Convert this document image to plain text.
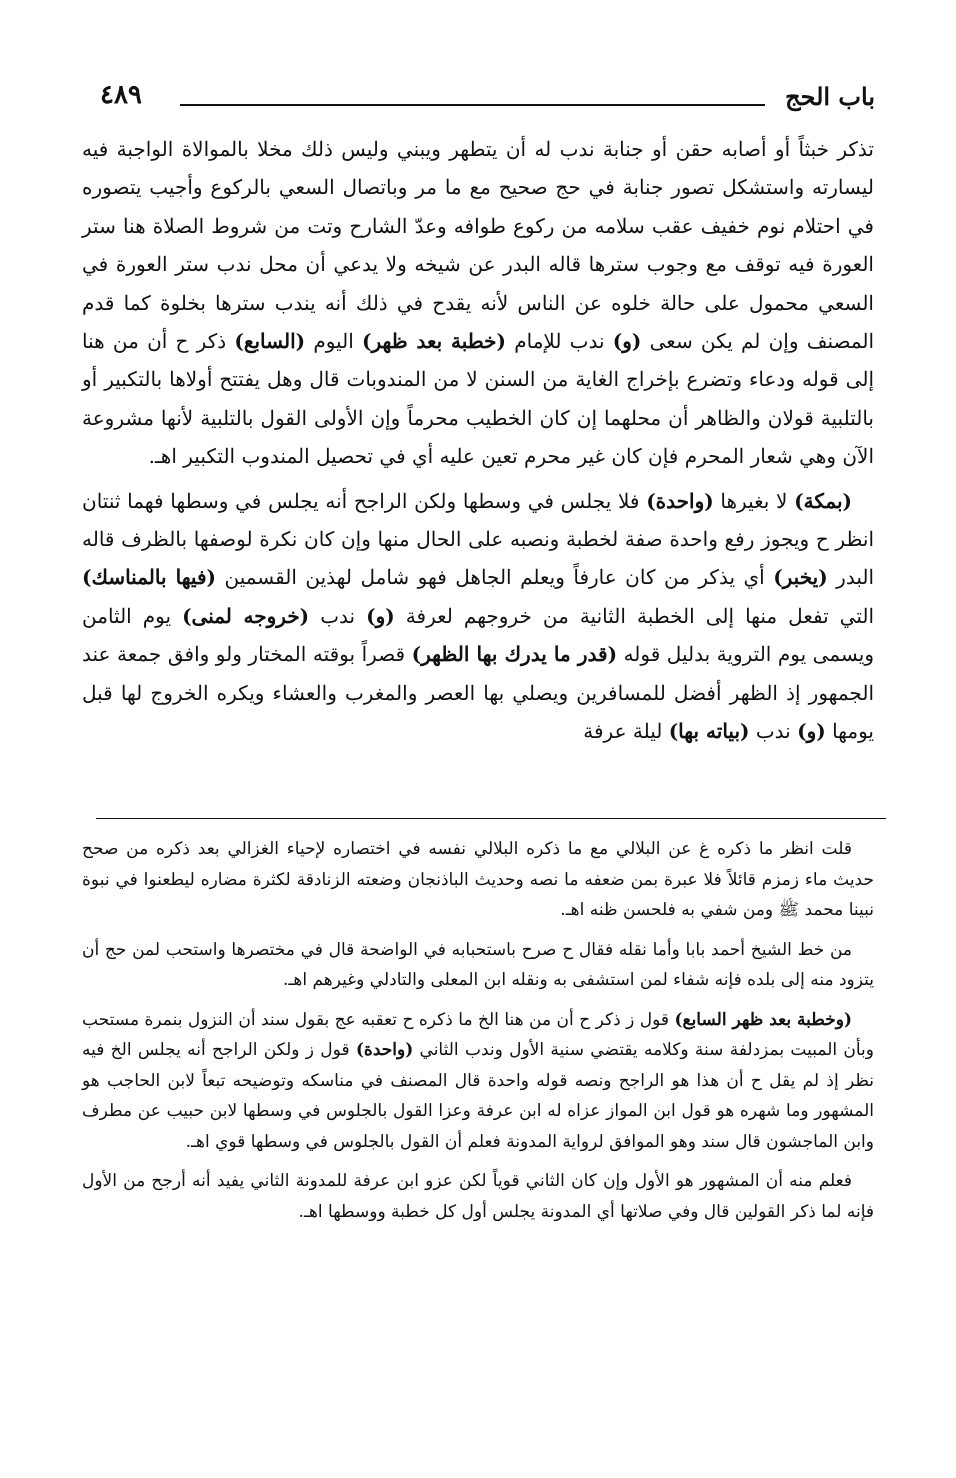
باب الحج
٤٨٩

تذكر خبثاً أو أصابه حقن أو جنابة ندب له أن يتطهر ويبني وليس ذلك مخلا بالموالاة الواجبة فيه ليسارته واستشكل تصور جنابة في حج صحيح مع ما مر وباتصال السعي بالركوع وأجيب يتصوره في احتلام نوم خفيف عقب سلامه من ركوع طوافه وعدّ الشارح وتت من شروط الصلاة هنا ستر العورة فيه توقف مع وجوب سترها قاله البدر عن شيخه ولا يدعي أن محل ندب ستر العورة في السعي محمول على حالة خلوه عن الناس لأنه يقدح في ذلك أنه يندب سترها بخلوة كما قدم المصنف وإن لم يكن سعى (و) ندب للإمام (خطبة بعد ظهر) اليوم (السابع) ذكر ح أن من هنا إلى قوله ودعاء وتضرع بإخراج الغاية من السنن لا من المندوبات قال وهل يفتتح أولاها بالتكبير أو بالتلبية قولان والظاهر أن محلهما إن كان الخطيب محرماً وإن الأولى القول بالتلبية لأنها مشروعة الآن وهي شعار المحرم فإن كان غير محرم تعين عليه أي في تحصيل المندوب التكبير اهـ.

(بمكة) لا بغيرها (واحدة) فلا يجلس في وسطها ولكن الراجح أنه يجلس في وسطها فهما ثنتان انظر ح ويجوز رفع واحدة صفة لخطبة ونصبه على الحال منها وإن كان نكرة لوصفها بالظرف قاله البدر (يخبر) أي يذكر من كان عارفاً ويعلم الجاهل فهو شامل لهذين القسمين (فيها بالمناسك) التي تفعل منها إلى الخطبة الثانية من خروجهم لعرفة (و) ندب (خروجه لمنى) يوم الثامن ويسمى يوم التروية بدليل قوله (قدر ما يدرك بها الظهر) قصراً بوقته المختار ولو وافق جمعة عند الجمهور إذ الظهر أفضل للمسافرين ويصلي بها العصر والمغرب والعشاء ويكره الخروج لها قبل يومها (و) ندب (بياته بها) ليلة عرفة

قلت انظر ما ذكره غ عن البلالي مع ما ذكره البلالي نفسه في اختصاره لإحياء الغزالي بعد ذكره من صحح حديث ماء زمزم قائلاً فلا عبرة بمن ضعفه ما نصه وحديث الباذنجان وضعته الزنادقة لكثرة مضاره ليطعنوا في نبوة نبينا محمد ﷺ ومن شفي به فلحسن ظنه اهـ.

من خط الشيخ أحمد بابا وأما نقله فقال ح صرح باستحبابه في الواضحة قال في مختصرها واستحب لمن حج أن يتزود منه إلى بلده فإنه شفاء لمن استشفى به ونقله ابن المعلى والتادلي وغيرهم اهـ.

(وخطبة بعد ظهر السابع) قول ز ذكر ح أن من هنا الخ ما ذكره ح تعقبه عج بقول سند أن النزول بنمرة مستحب وبأن المبيت بمزدلفة سنة وكلامه يقتضي سنية الأول وندب الثاني (واحدة) قول ز ولكن الراجح أنه يجلس الخ فيه نظر إذ لم يقل ح أن هذا هو الراجح ونصه قوله واحدة قال المصنف في مناسكه وتوضيحه تبعاً لابن الحاجب هو المشهور وما شهره هو قول ابن المواز عزاه له ابن عرفة وعزا القول بالجلوس في وسطها لابن حبيب عن مطرف وابن الماجشون قال سند وهو الموافق لرواية المدونة فعلم أن القول بالجلوس في وسطها قوي اهـ.

فعلم منه أن المشهور هو الأول وإن كان الثاني قوياً لكن عزو ابن عرفة للمدونة الثاني يفيد أنه أرجح من الأول فإنه لما ذكر القولين قال وفي صلاتها أي المدونة يجلس أول كل خطبة ووسطها اهـ.
